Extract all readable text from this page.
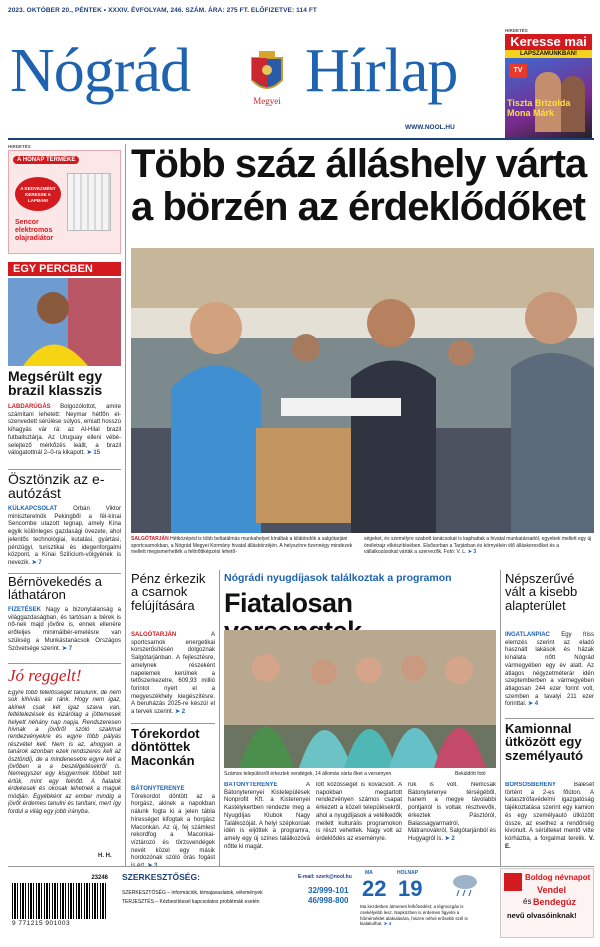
2023. OKTÓBER 20., PÉNTEK • XXXIV. ÉVFOLYAM, 246. SZÁM. ÁRA: 275 FT. ELŐFIZETVE: 114 FT
Nógrád	Megyei Hírlap
WWW.NOOL.HU
HIRDETÉS
Keresse mai
LAPSZÁMUNKBAN!
TV
Tiszta Brizolda
Mona Márk
HIRDETÉS
A HÓNAP TERMÉKE
A KEDVEZMÉNY KERESSE A LAPBAN!
Sencor elektromos olajradiátor
Több száz álláshely várta
a börzén az érdeklődőket
SALGÓTARJÁN Hétközépéd is több beltatálmás munkahelyet kínáltak a kilátóndók a salgótarjáni sportcsarnokban, a Nógrád Megyei Kormány hivatal állásbörzéjén. A helyszínre tizennégy mindezek mellett megismerhették a feltnőttképzési lehető-
ségeket, és személyre szabott tanácsokat is kaphattak a hivatal munkatársaitól, egyebek mellett egy új önéletrajz elkészítésében. Elsősorban a Tarjánban és környékén élő álláskeresőket és a vállalkozásokat várták a szervezők. Fotó: V. L. ➤ 3
EGY PERCBEN
Megsérült egy brazil klasszis
LABDARÚGÁS Bolgozólottot, amire számítani lehetett: Neymar hétfőn el-szenvedett sérülése súlyos, emiatt hosszú kihagyás vár rá: az Al-Hilal brazil futballsztárja. Az Uruguay elleni vébé-selejtező mérkőzés leállt, a brazil válogatottnál 2–0-ra kikapott. ➤ 15
Ösztönzik az e-autózást
KÜLKAPCSOLAT	Orbán Viktor miniszterelnök Pekingből a fél-kínai Sencombe utazott tegnap, amely Kína egyik különleges gazdasági övezete, ahol jelentős technológiai, kutatási, gyártási, pénzügyi, turisztikai és idegenforgalmi központ, a Kínai Szilícium-völgyének is nevezik. ➤ 7
Bérnövekedés a láthatáron
FIZETÉSEK Nagy a bizonytalanság a világgazdaságban, és tartósan a bérek is nő-nek majd jövőre is, ennek ellenére erőteljes minimálbér-emelésre van szükség a Munkástanácsok Országos Szövetsége szerint. ➤ 7
Jó reggelt!
Egyre több felelősséget tanulunk, de nem sok kihívás vár ránk. Hogy nem igaz, akinek csak két igaz szava van, feltételezések és kizárólag a jöttemesek helyett néhány nap napja. Rendszeresen hívnak a jövőről szóló szakmai rendezvényekre és egyre több pályás részvétel kell. Nem is az, ahogyan a tanárok azonban ezek rendszeres kell az ösztöndíj, de a mindenesetre egyre kell a jövőben a a beszélgetésekről is. Nemegyszer egy kisgyermek többet tett értük, mint egy felnőtt. A fiatalok érdekesek és okosak lehetnek a maguk módján. Egyébként az ember mindig a jövőt érdemes tanulni és tanítani, mert így fordul a világ egy jobb irányba.
H. H.
Pénz érkezik a csarnok felújítására
SALGÓTARJÁN	A sportcsarnok energetikai korszerűsítésén dolgoznak Salgótarjánban. A fejlesztésre, amelynek részeként napelemek kerülnek a tetőszerkezetre, 609,93 millió forintot nyert el a megyeszékhely kiegészítésre. A beruházás 2025-re készül el a tervek szerint. ➤ 2
Tórekordot döntöttek Maconkán
BÁTONYTERENYE Tórekordot döntött az a horgász, akinek a napokban nálunk fogta ki a jelen tábla hírességet kifogtak a horgász Maconkán. Az új, fej számlest rekordfog a Maconkai-víztározó és törzsvendégek nevét közel egy másik hordozónak szóló órás fogást
Nógrádi nyugdíjasok találkoztak a programon
Fiatalosan
Számos településről érkeztek vendégek, 14 állomás várta őket a versenyen	Beküldött fotó
BÁTONYTERENYE	A Bátonyterenyei Kistelepülések Nonprofit Kft. a Kisterenyei Kastélykertben rendezte meg a Nyugdíjas Klubok Nagy Találkozóját. A helyi szépkorúak idén is eljöttek a programra, amely egy új színes találkozóvá nőtte ki magát.
lott közösséget is kovácsolt. A napokban megtartott rendezvényen számos csapat érkezett a közeli településekről, ahol a nyugdíjasok a vetélkedők mellett kulturális programokon is részt vehettek. Nagy volt az érdeklődés az eseményre.
ruk is volt. Nemcsak Bátonyterenye térségéből, hanem a megye távolabbi pontjairól is voltak résztvevők, érkeztek Pásztóról, Balassagyarmatról, Mátranovákról, Salgótarjánból és Hugyagról is. ➤ 2
Népszerűvé vált a kisebb alapterület
INGATLANPIAC Egy friss elemzés szerint az eladó használt lakások és házak kínálata nőtt Nógrád vármegyében egy év alatt. Az átlagos négyzetméterár idén szeptemberben a vármegyében átlagosan 244 ezer forint volt, szemben a tavalyi 211 ezer forinttal. ➤ 4
Kamionnal ütközött egy személyautó
BORSOSBERÉNY	Baleset történt a 2-es főúton. A katasztrófavédelmi igazgatóság tájékoztatása szerint egy kamion és egy személyautó ütközött össze, az esethez a rendőrség kivonult. A sérülteket mentő vitte kórházba, a forgalmat terelik. V. E.
23246
9 771215 901003
SZERKESZTŐSÉG:
SZERKESZTŐSÉG – információk, témajavaslatok, vélemények
TERJESZTÉS – Kézbesítéssel kapcsolatos problémák esetén
E-mail: szerk@nool.hu
32/999-101
46/998-800
MA
22
HOLNAP
19
Ma kezdetben átmeneti felhősödést; a légmozgás is csekélyebb lesz. Napközben is érdemes figyelni a hőmérséklet alakulására, hiszen néhol erősebb szél is kialakulhat. ➤ 4
Boldog névnapot
Vendel
és Bendegúz
nevű olvasóinknak!
